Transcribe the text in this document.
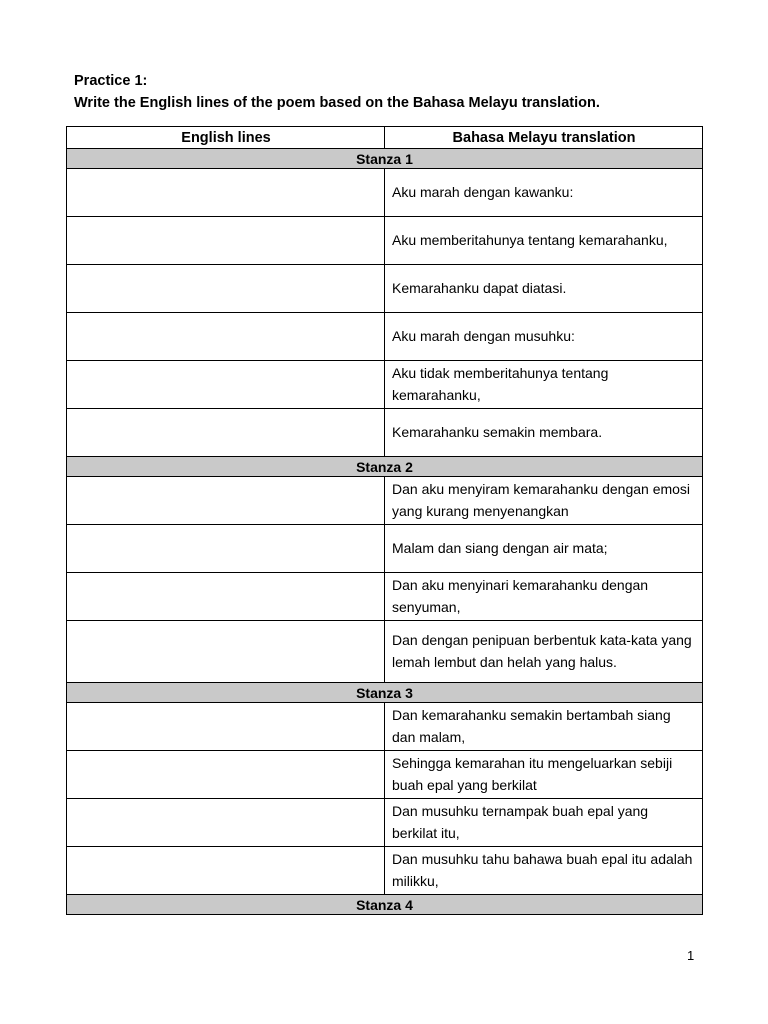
Practice 1:
Write the English lines of the poem based on the Bahasa Melayu translation.
English lines	Bahasa Melayu translation
Stanza 1	
	Aku marah dengan kawanku:
	Aku memberitahunya tentang kemarahanku,
	Kemarahanku dapat diatasi.
	Aku marah dengan musuhku:
	Aku tidak memberitahunya tentang kemarahanku,
	Kemarahanku semakin membara.
Stanza 2	
	Dan aku menyiram kemarahanku dengan emosi yang kurang menyenangkan
	Malam dan siang dengan air mata;
	Dan aku menyinari kemarahanku dengan senyuman,
	Dan dengan penipuan berbentuk kata-kata yang lemah lembut dan helah yang halus.
Stanza 3	
	Dan kemarahanku semakin bertambah siang dan malam,
	Sehingga kemarahan itu mengeluarkan sebiji buah epal yang berkilat
	Dan musuhku ternampak buah epal yang berkilat itu,
	Dan musuhku tahu bahawa buah epal itu adalah milikku,
Stanza 4	
1
